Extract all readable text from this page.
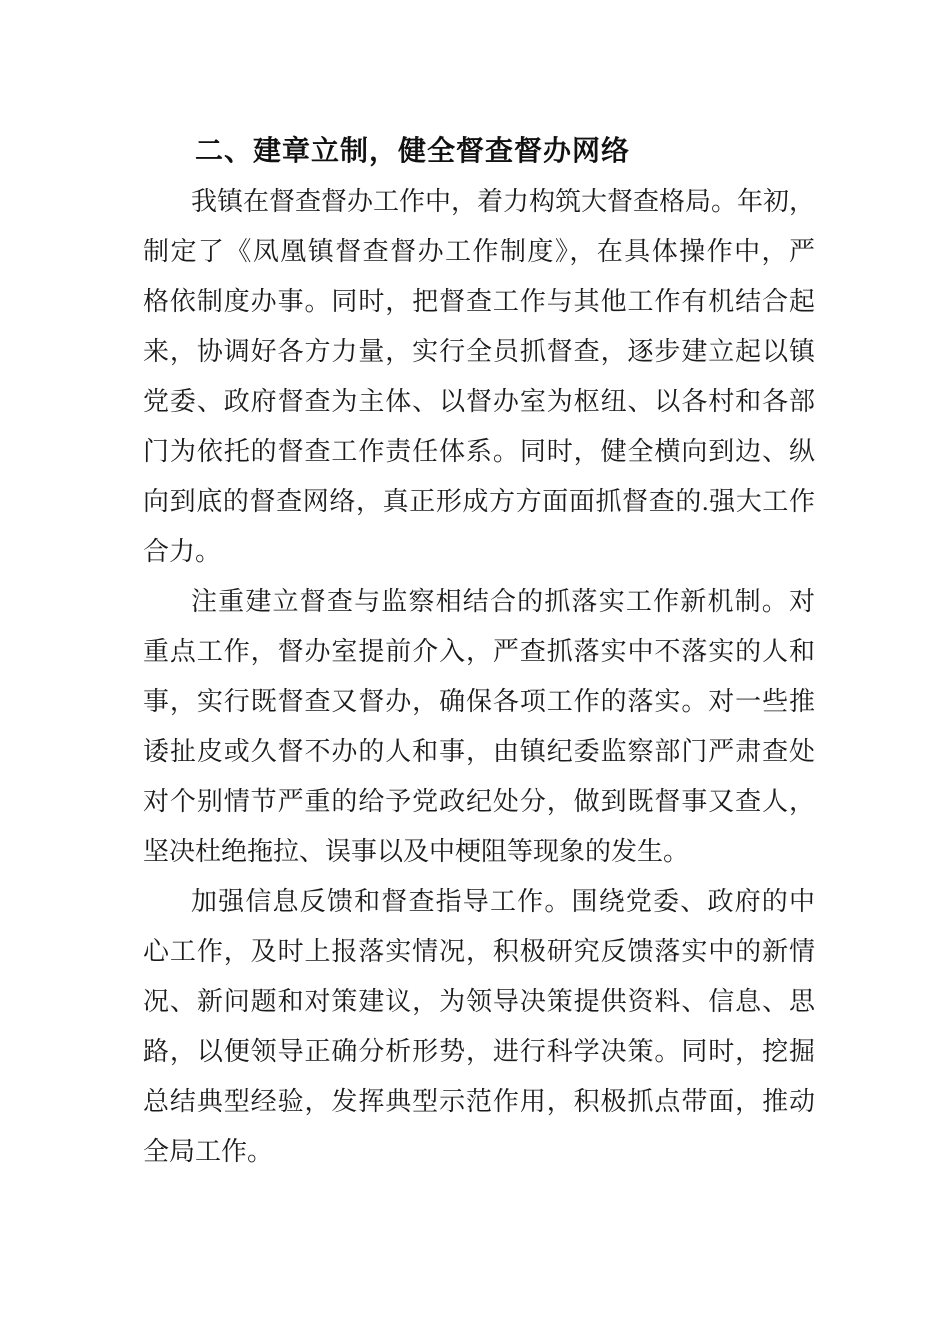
二、建章立制，健全督查督办网络
我镇在督查督办工作中，着力构筑大督查格局。年初，
制定了《凤凰镇督查督办工作制度》，在具体操作中，严
格依制度办事。同时，把督查工作与其他工作有机结合起
来，协调好各方力量，实行全员抓督查，逐步建立起以镇
党委、政府督查为主体、以督办室为枢纽、以各村和各部
门为依托的督查工作责任体系。同时，健全横向到边、纵
向到底的督查网络，真正形成方方面面抓督查的.强大工作
合力。
注重建立督查与监察相结合的抓落实工作新机制。对
重点工作，督办室提前介入，严查抓落实中不落实的人和
事，实行既督查又督办，确保各项工作的落实。对一些推
诿扯皮或久督不办的人和事，由镇纪委监察部门严肃查处
对个别情节严重的给予党政纪处分，做到既督事又查人，
坚决杜绝拖拉、误事以及中梗阻等现象的发生。
加强信息反馈和督查指导工作。围绕党委、政府的中
心工作，及时上报落实情况，积极研究反馈落实中的新情
况、新问题和对策建议，为领导决策提供资料、信息、思
路，以便领导正确分析形势，进行科学决策。同时，挖掘
总结典型经验，发挥典型示范作用，积极抓点带面，推动
全局工作。
